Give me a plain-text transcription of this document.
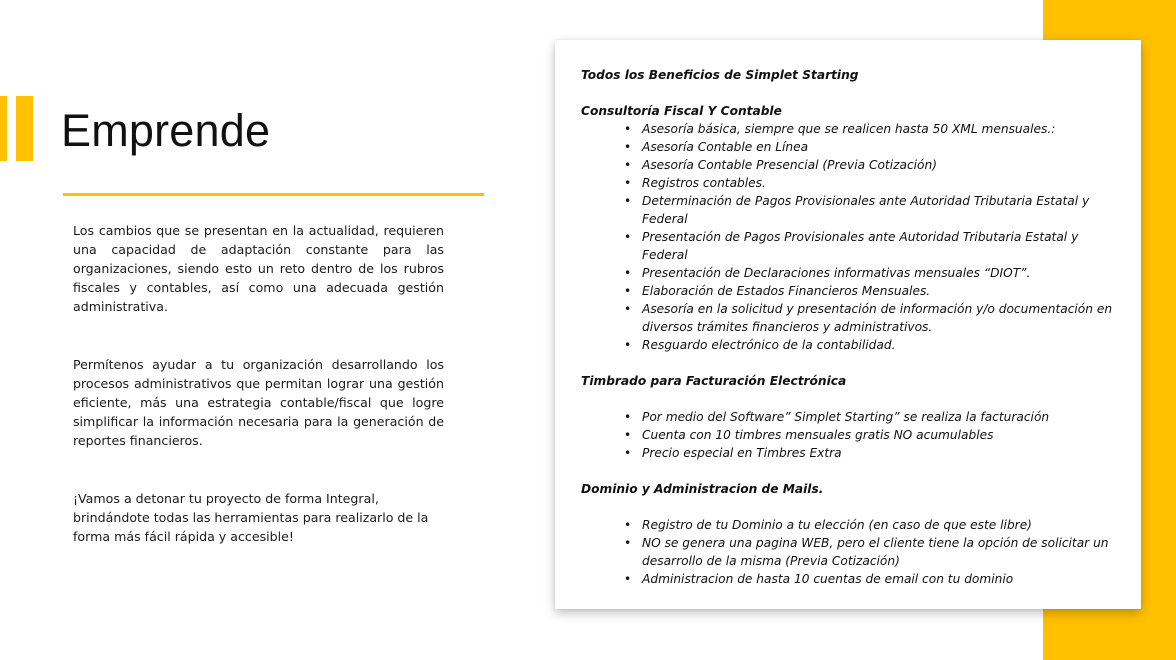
Emprende

Los cambios que se presentan en la actualidad, requieren una capacidad de adaptación constante para las organizaciones, siendo esto un reto dentro de los rubros fiscales y contables, así como una adecuada gestión administrativa.

Permítenos ayudar a tu organización desarrollando los procesos administrativos que permitan lograr una gestión eficiente, más una estrategia contable/fiscal que logre simplificar la información necesaria para la generación de reportes financieros.

¡Vamos a detonar tu proyecto de forma Integral, brindándote todas las herramientas para realizarlo de la forma más fácil rápida y accesible!

Todos los Beneficios de Simplet Starting
Consultoría Fiscal Y Contable
• Asesoría básica, siempre que se realicen hasta 50 XML mensuales.:
• Asesoría Contable en Línea
• Asesoría Contable Presencial (Previa Cotización)
• Registros contables.
• Determinación de Pagos Provisionales ante Autoridad Tributaria Estatal y Federal
• Presentación de Pagos Provisionales ante Autoridad Tributaria Estatal y Federal
• Presentación de Declaraciones informativas mensuales “DIOT”.
• Elaboración de Estados Financieros Mensuales.
• Asesoría en la solicitud y presentación de información y/o documentación en diversos trámites financieros y administrativos.
• Resguardo electrónico de la contabilidad.
Timbrado para Facturación Electrónica
• Por medio del Software” Simplet Starting” se realiza la facturación
• Cuenta con 10 timbres mensuales gratis NO acumulables
• Precio especial en Timbres Extra
Dominio y Administracion de Mails.
• Registro de tu Dominio a tu elección (en caso de que este libre)
• NO se genera una pagina WEB, pero el cliente tiene la opción de solicitar un desarrollo de la misma (Previa Cotización)
• Administracion de hasta 10 cuentas de email con tu dominio
